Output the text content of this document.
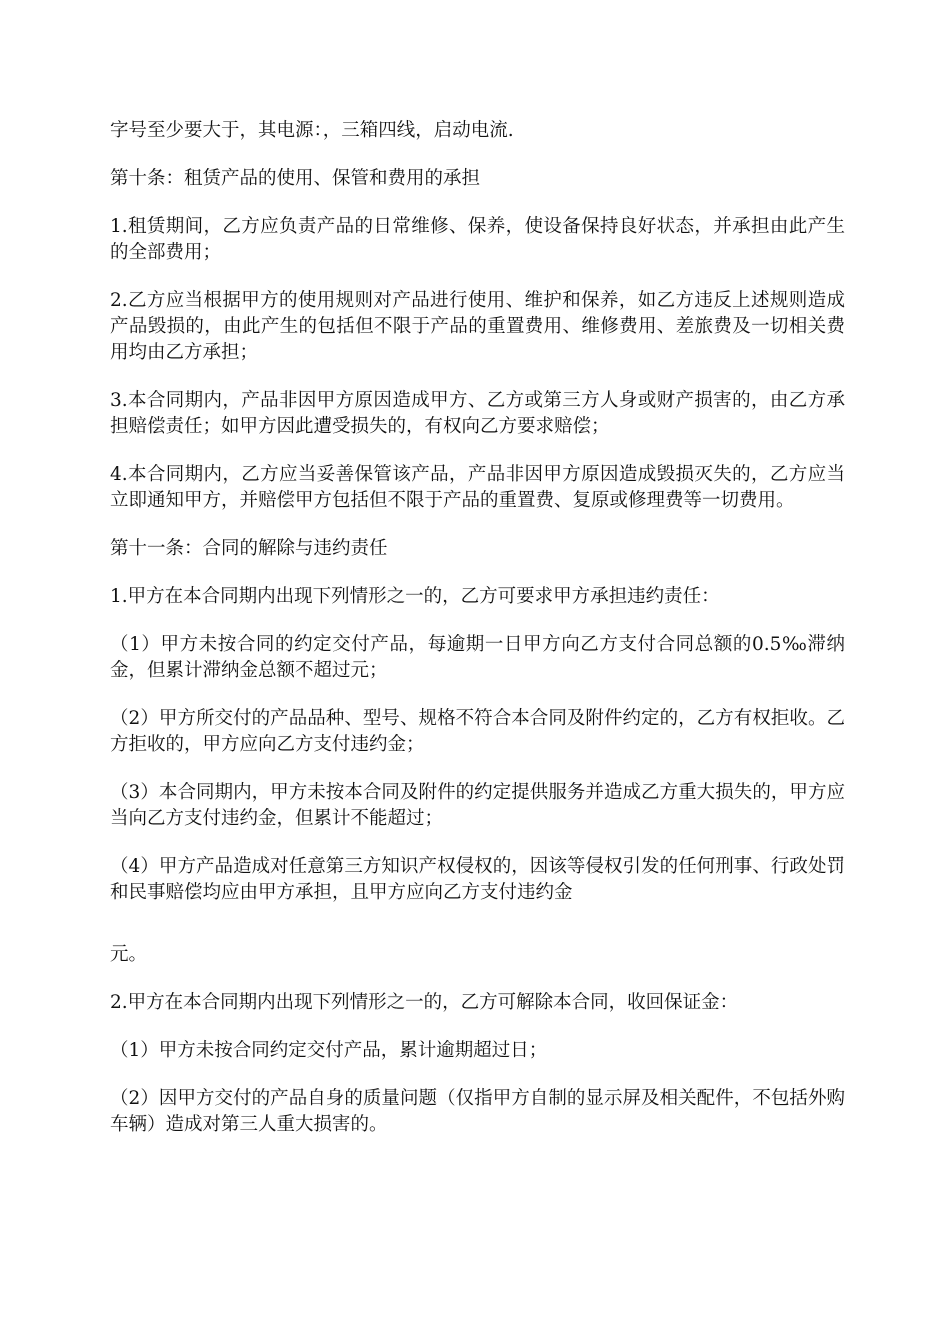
字号至少要大于，其电源：，三箱四线，启动电流.

第十条：租赁产品的使用、保管和费用的承担

1.租赁期间，乙方应负责产品的日常维修、保养，使设备保持良好状态，并承担由此产生的全部费用；

2.乙方应当根据甲方的使用规则对产品进行使用、维护和保养，如乙方违反上述规则造成产品毁损的，由此产生的包括但不限于产品的重置费用、维修费用、差旅费及一切相关费用均由乙方承担；

3.本合同期内，产品非因甲方原因造成甲方、乙方或第三方人身或财产损害的，由乙方承担赔偿责任；如甲方因此遭受损失的，有权向乙方要求赔偿；

4.本合同期内，乙方应当妥善保管该产品，产品非因甲方原因造成毁损灭失的，乙方应当立即通知甲方，并赔偿甲方包括但不限于产品的重置费、复原或修理费等一切费用。

第十一条：合同的解除与违约责任

1.甲方在本合同期内出现下列情形之一的，乙方可要求甲方承担违约责任：

（1）甲方未按合同的约定交付产品，每逾期一日甲方向乙方支付合同总额的0.5‰滞纳金，但累计滞纳金总额不超过元；

（2）甲方所交付的产品品种、型号、规格不符合本合同及附件约定的，乙方有权拒收。乙方拒收的，甲方应向乙方支付违约金；

（3）本合同期内，甲方未按本合同及附件的约定提供服务并造成乙方重大损失的，甲方应当向乙方支付违约金，但累计不能超过；

（4）甲方产品造成对任意第三方知识产权侵权的，因该等侵权引发的任何刑事、行政处罚和民事赔偿均应由甲方承担，且甲方应向乙方支付违约金

元。

2.甲方在本合同期内出现下列情形之一的，乙方可解除本合同，收回保证金：

（1）甲方未按合同约定交付产品，累计逾期超过日；

（2）因甲方交付的产品自身的质量问题（仅指甲方自制的显示屏及相关配件，不包括外购车辆）造成对第三人重大损害的。
